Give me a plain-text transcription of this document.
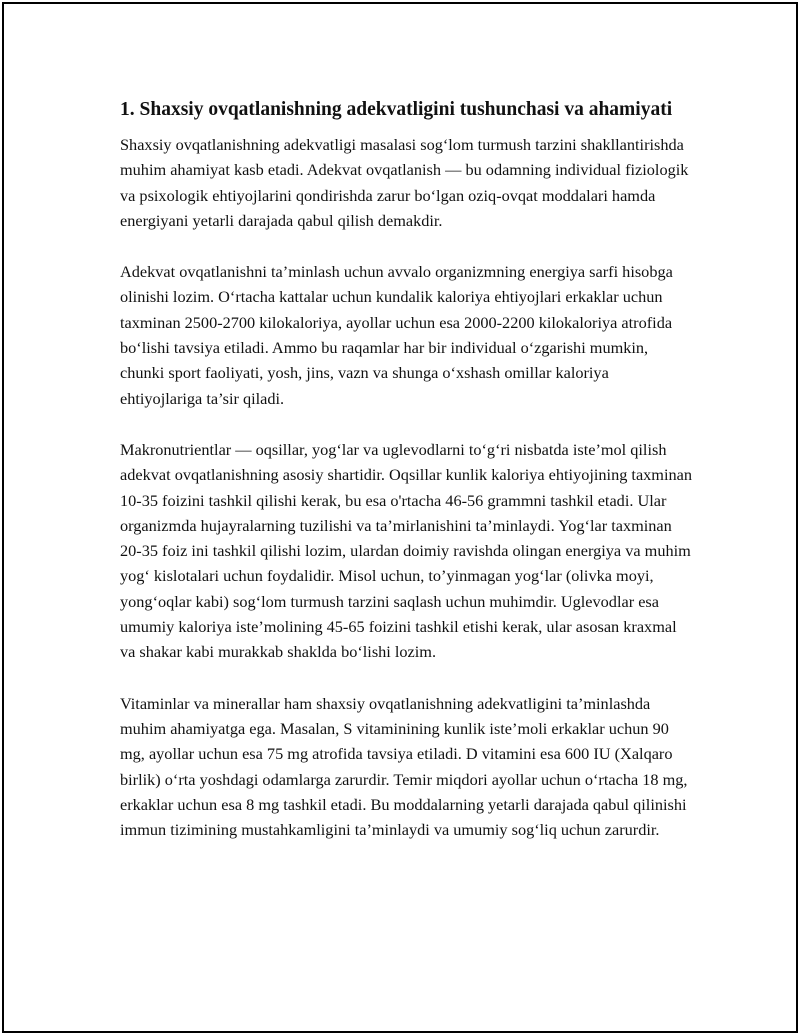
1. Shaxsiy ovqatlanishning adekvatligini tushunchasi va ahamiyati

Shaxsiy ovqatlanishning adekvatligi masalasi sog‘lom turmush tarzini shakllantirishda muhim ahamiyat kasb etadi. Adekvat ovqatlanish — bu odamning individual fiziologik va psixologik ehtiyojlarini qondirishda zarur bo‘lgan oziq-ovqat moddalari hamda energiyani yetarli darajada qabul qilish demakdir.

Adekvat ovqatlanishni ta’minlash uchun avvalo organizmning energiya sarfi hisobga olinishi lozim. O‘rtacha kattalar uchun kundalik kaloriya ehtiyojlari erkaklar uchun taxminan 2500-2700 kilokaloriya, ayollar uchun esa 2000-2200 kilokaloriya atrofida bo‘lishi tavsiya etiladi. Ammo bu raqamlar har bir individual o‘zgarishi mumkin, chunki sport faoliyati, yosh, jins, vazn va shunga o‘xshash omillar kaloriya ehtiyojlariga ta’sir qiladi.

Makronutrientlar — oqsillar, yog‘lar va uglevodlarni to‘g‘ri nisbatda iste’mol qilish adekvat ovqatlanishning asosiy shartidir. Oqsillar kunlik kaloriya ehtiyojining taxminan 10-35 foizini tashkil qilishi kerak, bu esa o'rtacha 46-56 grammni tashkil etadi. Ular organizmda hujayralarning tuzilishi va ta’mirlanishini ta’minlaydi. Yog‘lar taxminan 20-35 foiz ini tashkil qilishi lozim, ulardan doimiy ravishda olingan energiya va muhim yog‘ kislotalari uchun foydalidir. Misol uchun, to’yinmagan yog‘lar (olivka moyi, yong‘oqlar kabi) sog‘lom turmush tarzini saqlash uchun muhimdir. Uglevodlar esa umumiy kaloriya iste’molining 45-65 foizini tashkil etishi kerak, ular asosan kraxmal va shakar kabi murakkab shaklda bo‘lishi lozim.

Vitaminlar va minerallar ham shaxsiy ovqatlanishning adekvatligini ta’minlashda muhim ahamiyatga ega. Masalan, S vitaminining kunlik iste’moli erkaklar uchun 90 mg, ayollar uchun esa 75 mg atrofida tavsiya etiladi. D vitamini esa 600 IU (Xalqaro birlik) o‘rta yoshdagi odamlarga zarurdir. Temir miqdori ayollar uchun o‘rtacha 18 mg, erkaklar uchun esa 8 mg tashkil etadi. Bu moddalarning yetarli darajada qabul qilinishi immun tizimining mustahkamligini ta’minlaydi va umumiy sog‘liq uchun zarurdir.
